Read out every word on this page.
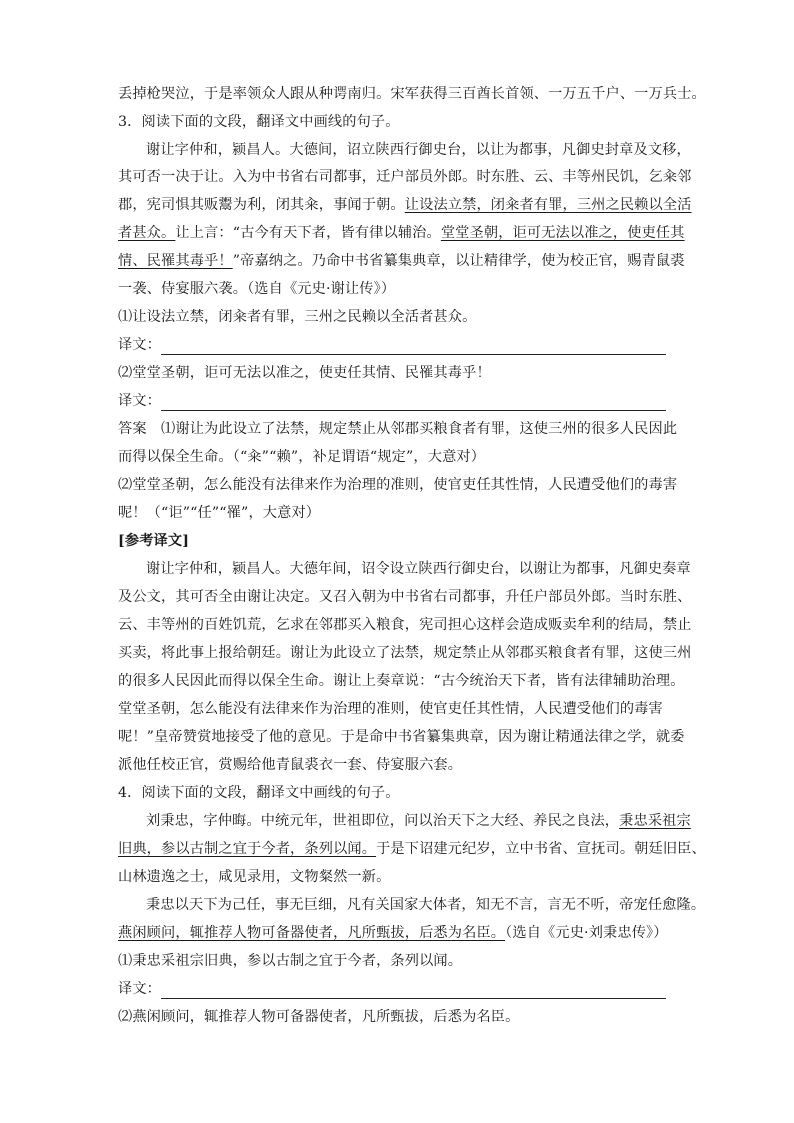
丢掉枪哭泣，于是率领众人跟从种谔南归。宋军获得三百酋长首领、一万五千户、一万兵士。
3．阅读下面的文段，翻译文中画线的句子。
谢让字仲和，颍昌人。大德间，诏立陕西行御史台，以让为都事，凡御史封章及文移，
其可否一决于让。入为中书省右司都事，迁户部员外郎。时东胜、云、丰等州民饥，乞籴邻
郡，宪司惧其贩鬻为利，闭其籴，事闻于朝。让设法立禁，闭籴者有罪，三州之民赖以全活
者甚众。让上言：“古今有天下者，皆有律以辅治。堂堂圣朝，讵可无法以准之，使吏任其
情、民罹其毒乎！”帝嘉纳之。乃命中书省纂集典章，以让精律学，使为校正官，赐青鼠裘
一袭、侍宴服六袭。（选自《元史·谢让传》）
⑴让设法立禁，闭籴者有罪，三州之民赖以全活者甚众。
译文：
⑵堂堂圣朝，讵可无法以准之，使吏任其情、民罹其毒乎！
译文：
答案　⑴谢让为此设立了法禁，规定禁止从邻郡买粮食者有罪，这使三州的很多人民因此
而得以保全生命。（“籴”“赖”，补足谓语“规定”，大意对）
⑵堂堂圣朝，怎么能没有法律来作为治理的准则，使官吏任其性情，人民遭受他们的毒害
呢！（“讵”“任”“罹”，大意对）
[参考译文]
谢让字仲和，颍昌人。大德年间，诏令设立陕西行御史台，以谢让为都事，凡御史奏章
及公文，其可否全由谢让决定。又召入朝为中书省右司都事，升任户部员外郎。当时东胜、
云、丰等州的百姓饥荒，乞求在邻郡买入粮食，宪司担心这样会造成贩卖牟利的结局，禁止
买卖，将此事上报给朝廷。谢让为此设立了法禁，规定禁止从邻郡买粮食者有罪，这使三州
的很多人民因此而得以保全生命。谢让上奏章说：“古今统治天下者，皆有法律辅助治理。
堂堂圣朝，怎么能没有法律来作为治理的准则，使官吏任其性情，人民遭受他们的毒害
呢！”皇帝赞赏地接受了他的意见。于是命中书省纂集典章，因为谢让精通法律之学，就委
派他任校正官，赏赐给他青鼠裘衣一套、侍宴服六套。
4．阅读下面的文段，翻译文中画线的句子。
刘秉忠，字仲晦。中统元年，世祖即位，问以治天下之大经、养民之良法，秉忠采祖宗
旧典，参以古制之宜于今者，条列以闻。于是下诏建元纪岁，立中书省、宣抚司。朝廷旧臣、
山林遗逸之士，咸见录用，文物粲然一新。
秉忠以天下为己任，事无巨细，凡有关国家大体者，知无不言，言无不听，帝宠任愈隆。
燕闲顾问，辄推荐人物可备器使者，凡所甄拔，后悉为名臣。（选自《元史·刘秉忠传》）
⑴秉忠采祖宗旧典，参以古制之宜于今者，条列以闻。
译文：
⑵燕闲顾问，辄推荐人物可备器使者，凡所甄拔，后悉为名臣。
